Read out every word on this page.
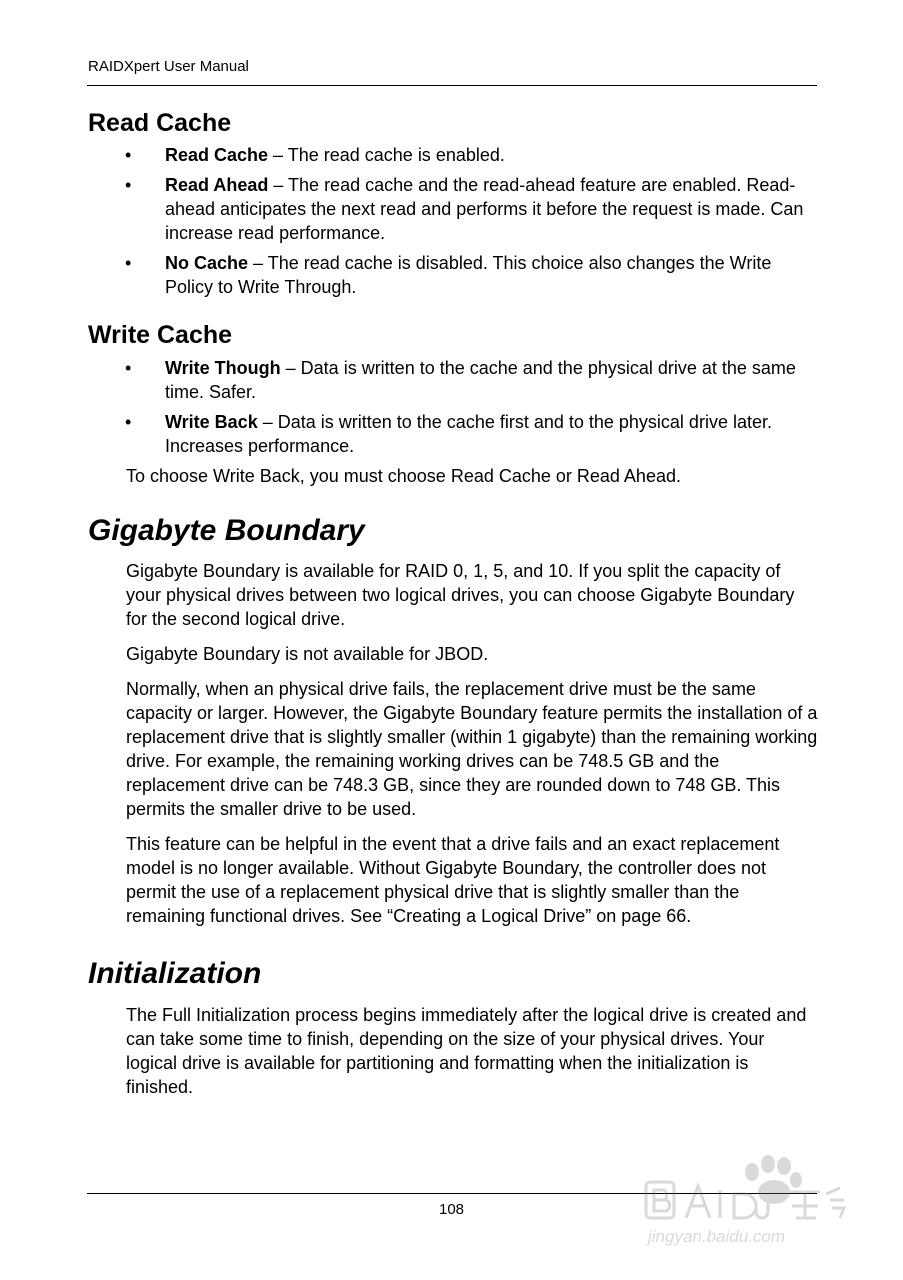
RAIDXpert User Manual
Read Cache
• Read Cache – The read cache is enabled.
• Read Ahead – The read cache and the read-ahead feature are enabled. Read-ahead anticipates the next read and performs it before the request is made. Can increase read performance.
• No Cache – The read cache is disabled. This choice also changes the Write Policy to Write Through.
Write Cache
• Write Though – Data is written to the cache and the physical drive at the same time. Safer.
• Write Back – Data is written to the cache first and to the physical drive later. Increases performance.

To choose Write Back, you must choose Read Cache or Read Ahead.

Gigabyte Boundary

Gigabyte Boundary is available for RAID 0, 1, 5, and 10. If you split the capacity of your physical drives between two logical drives, you can choose Gigabyte Boundary for the second logical drive.

Gigabyte Boundary is not available for JBOD.

Normally, when an physical drive fails, the replacement drive must be the same capacity or larger. However, the Gigabyte Boundary feature permits the installation of a replacement drive that is slightly smaller (within 1 gigabyte) than the remaining working drive. For example, the remaining working drives can be 748.5 GB and the replacement drive can be 748.3 GB, since they are rounded down to 748 GB. This permits the smaller drive to be used.

This feature can be helpful in the event that a drive fails and an exact replacement model is no longer available. Without Gigabyte Boundary, the controller does not permit the use of a replacement physical drive that is slightly smaller than the remaining functional drives. See “Creating a Logical Drive” on page 66.

Initialization

The Full Initialization process begins immediately after the logical drive is created and can take some time to finish, depending on the size of your physical drives. Your logical drive is available for partitioning and formatting when the initialization is finished.

108
jingyan.baidu.com
